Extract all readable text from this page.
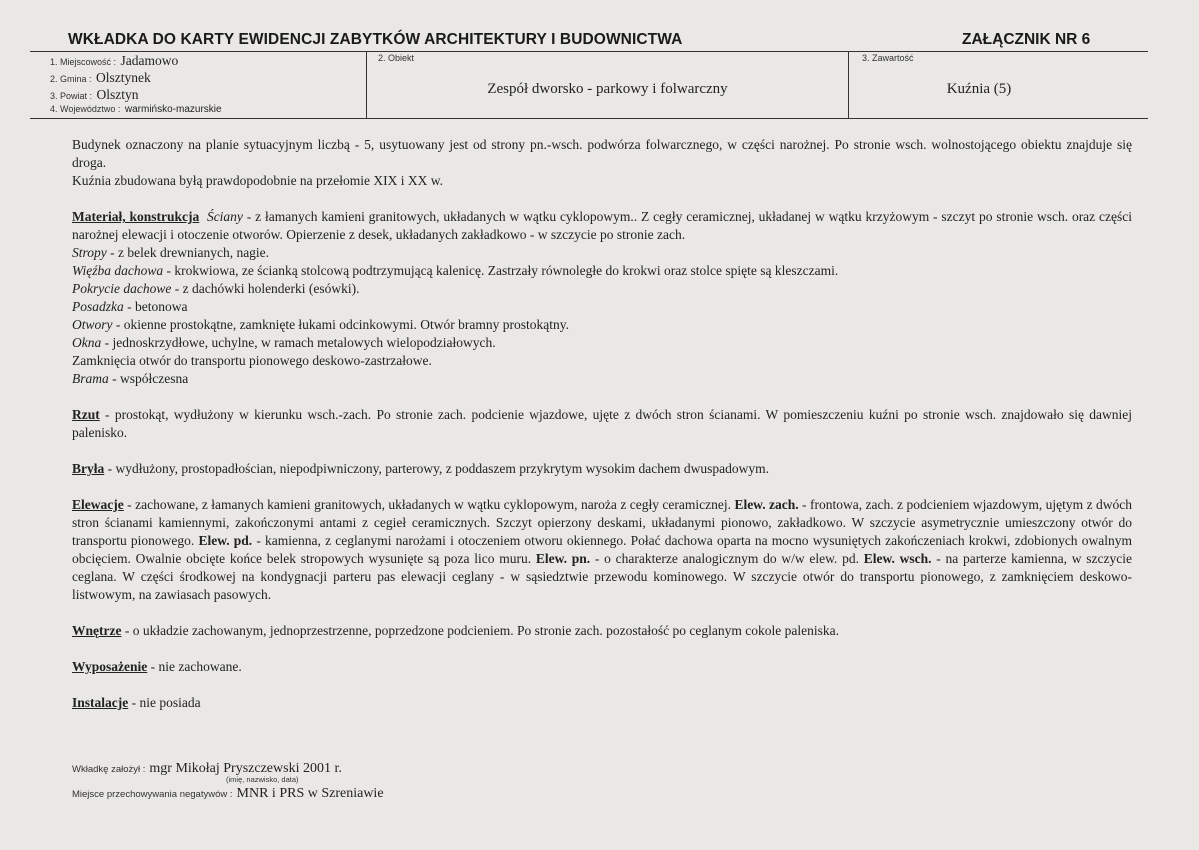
WKŁADKA DO KARTY EWIDENCJI ZABYTKÓW ARCHITEKTURY I BUDOWNICTWA	ZAŁĄCZNIK NR 6
1. Miejscowość : Jadamowo
2. Gmina : Olsztynek
3. Powiat : Olsztyn
4. Województwo : warmińsko-mazurskie
2. Obiekt
Zespół dworsko - parkowy i folwarczny
3. Zawartość
Kuźnia (5)

Budynek oznaczony na planie sytuacyjnym liczbą - 5, usytuowany jest od strony pn.-wsch. podwórza folwarcznego, w części narożnej. Po stronie wsch. wolnostojącego obiektu znajduje się droga.

Kuźnia zbudowana byłą prawdopodobnie na przełomie XIX i XX w.

Materiał, konstrukcja Ściany - z łamanych kamieni granitowych, układanych w wątku cyklopowym.. Z cegły ceramicznej, układanej w wątku krzyżowym - szczyt po stronie wsch. oraz części narożnej elewacji i otoczenie otworów. Opierzenie z desek, układanych zakładkowo - w szczycie po stronie zach.

Stropy - z belek drewnianych, nagie.

Więźba dachowa - krokwiowa, ze ścianką stolcową podtrzymującą kalenicę. Zastrzały równoległe do krokwi oraz stolce spięte są kleszczami.

Pokrycie dachowe - z dachówki holenderki (esówki).

Posadzka - betonowa

Otwory - okienne prostokątne, zamknięte łukami odcinkowymi. Otwór bramny prostokątny.

Okna - jednoskrzydłowe, uchylne, w ramach metalowych wielopodziałowych.

Zamknięcia otwór do transportu pionowego deskowo-zastrzałowe.

Brama - współczesna

Rzut - prostokąt, wydłużony w kierunku wsch.-zach. Po stronie zach. podcienie wjazdowe, ujęte z dwóch stron ścianami. W pomieszczeniu kuźni po stronie wsch. znajdowało się dawniej palenisko.

Bryła - wydłużony, prostopadłościan, niepodpiwniczony, parterowy, z poddaszem przykrytym wysokim dachem dwuspadowym.

Elewacje - zachowane, z łamanych kamieni granitowych, układanych w wątku cyklopowym, naroża z cegły ceramicznej. Elew. zach. - frontowa, zach. z podcieniem wjazdowym, ujętym z dwóch stron ścianami kamiennymi, zakończonymi antami z cegieł ceramicznych. Szczyt opierzony deskami, układanymi pionowo, zakładkowo. W szczycie asymetrycznie umieszczony otwór do transportu pionowego. Elew. pd. - kamienna, z ceglanymi narożami i otoczeniem otworu okiennego. Połać dachowa oparta na mocno wysuniętych zakończeniach krokwi, zdobionych owalnym obcięciem. Owalnie obcięte końce belek stropowych wysunięte są poza lico muru. Elew. pn. - o charakterze analogicznym do w/w elew. pd. Elew. wsch. - na parterze kamienna, w szczycie ceglana. W części środkowej na kondygnacji parteru pas elewacji ceglany - w sąsiedztwie przewodu kominowego. W szczycie otwór do transportu pionowego, z zamknięciem deskowo-listwowym, na zawiasach pasowych.

Wnętrze - o układzie zachowanym, jednoprzestrzenne, poprzedzone podcieniem. Po stronie zach. pozostałość po ceglanym cokole paleniska.

Wyposażenie - nie zachowane.

Instalacje - nie posiada

Wkładkę założył : mgr Mikołaj Pryszczewski 2001 r.
(imię, nazwisko, data)
Miejsce przechowywania negatywów : MNR i PRS w Szreniawie
